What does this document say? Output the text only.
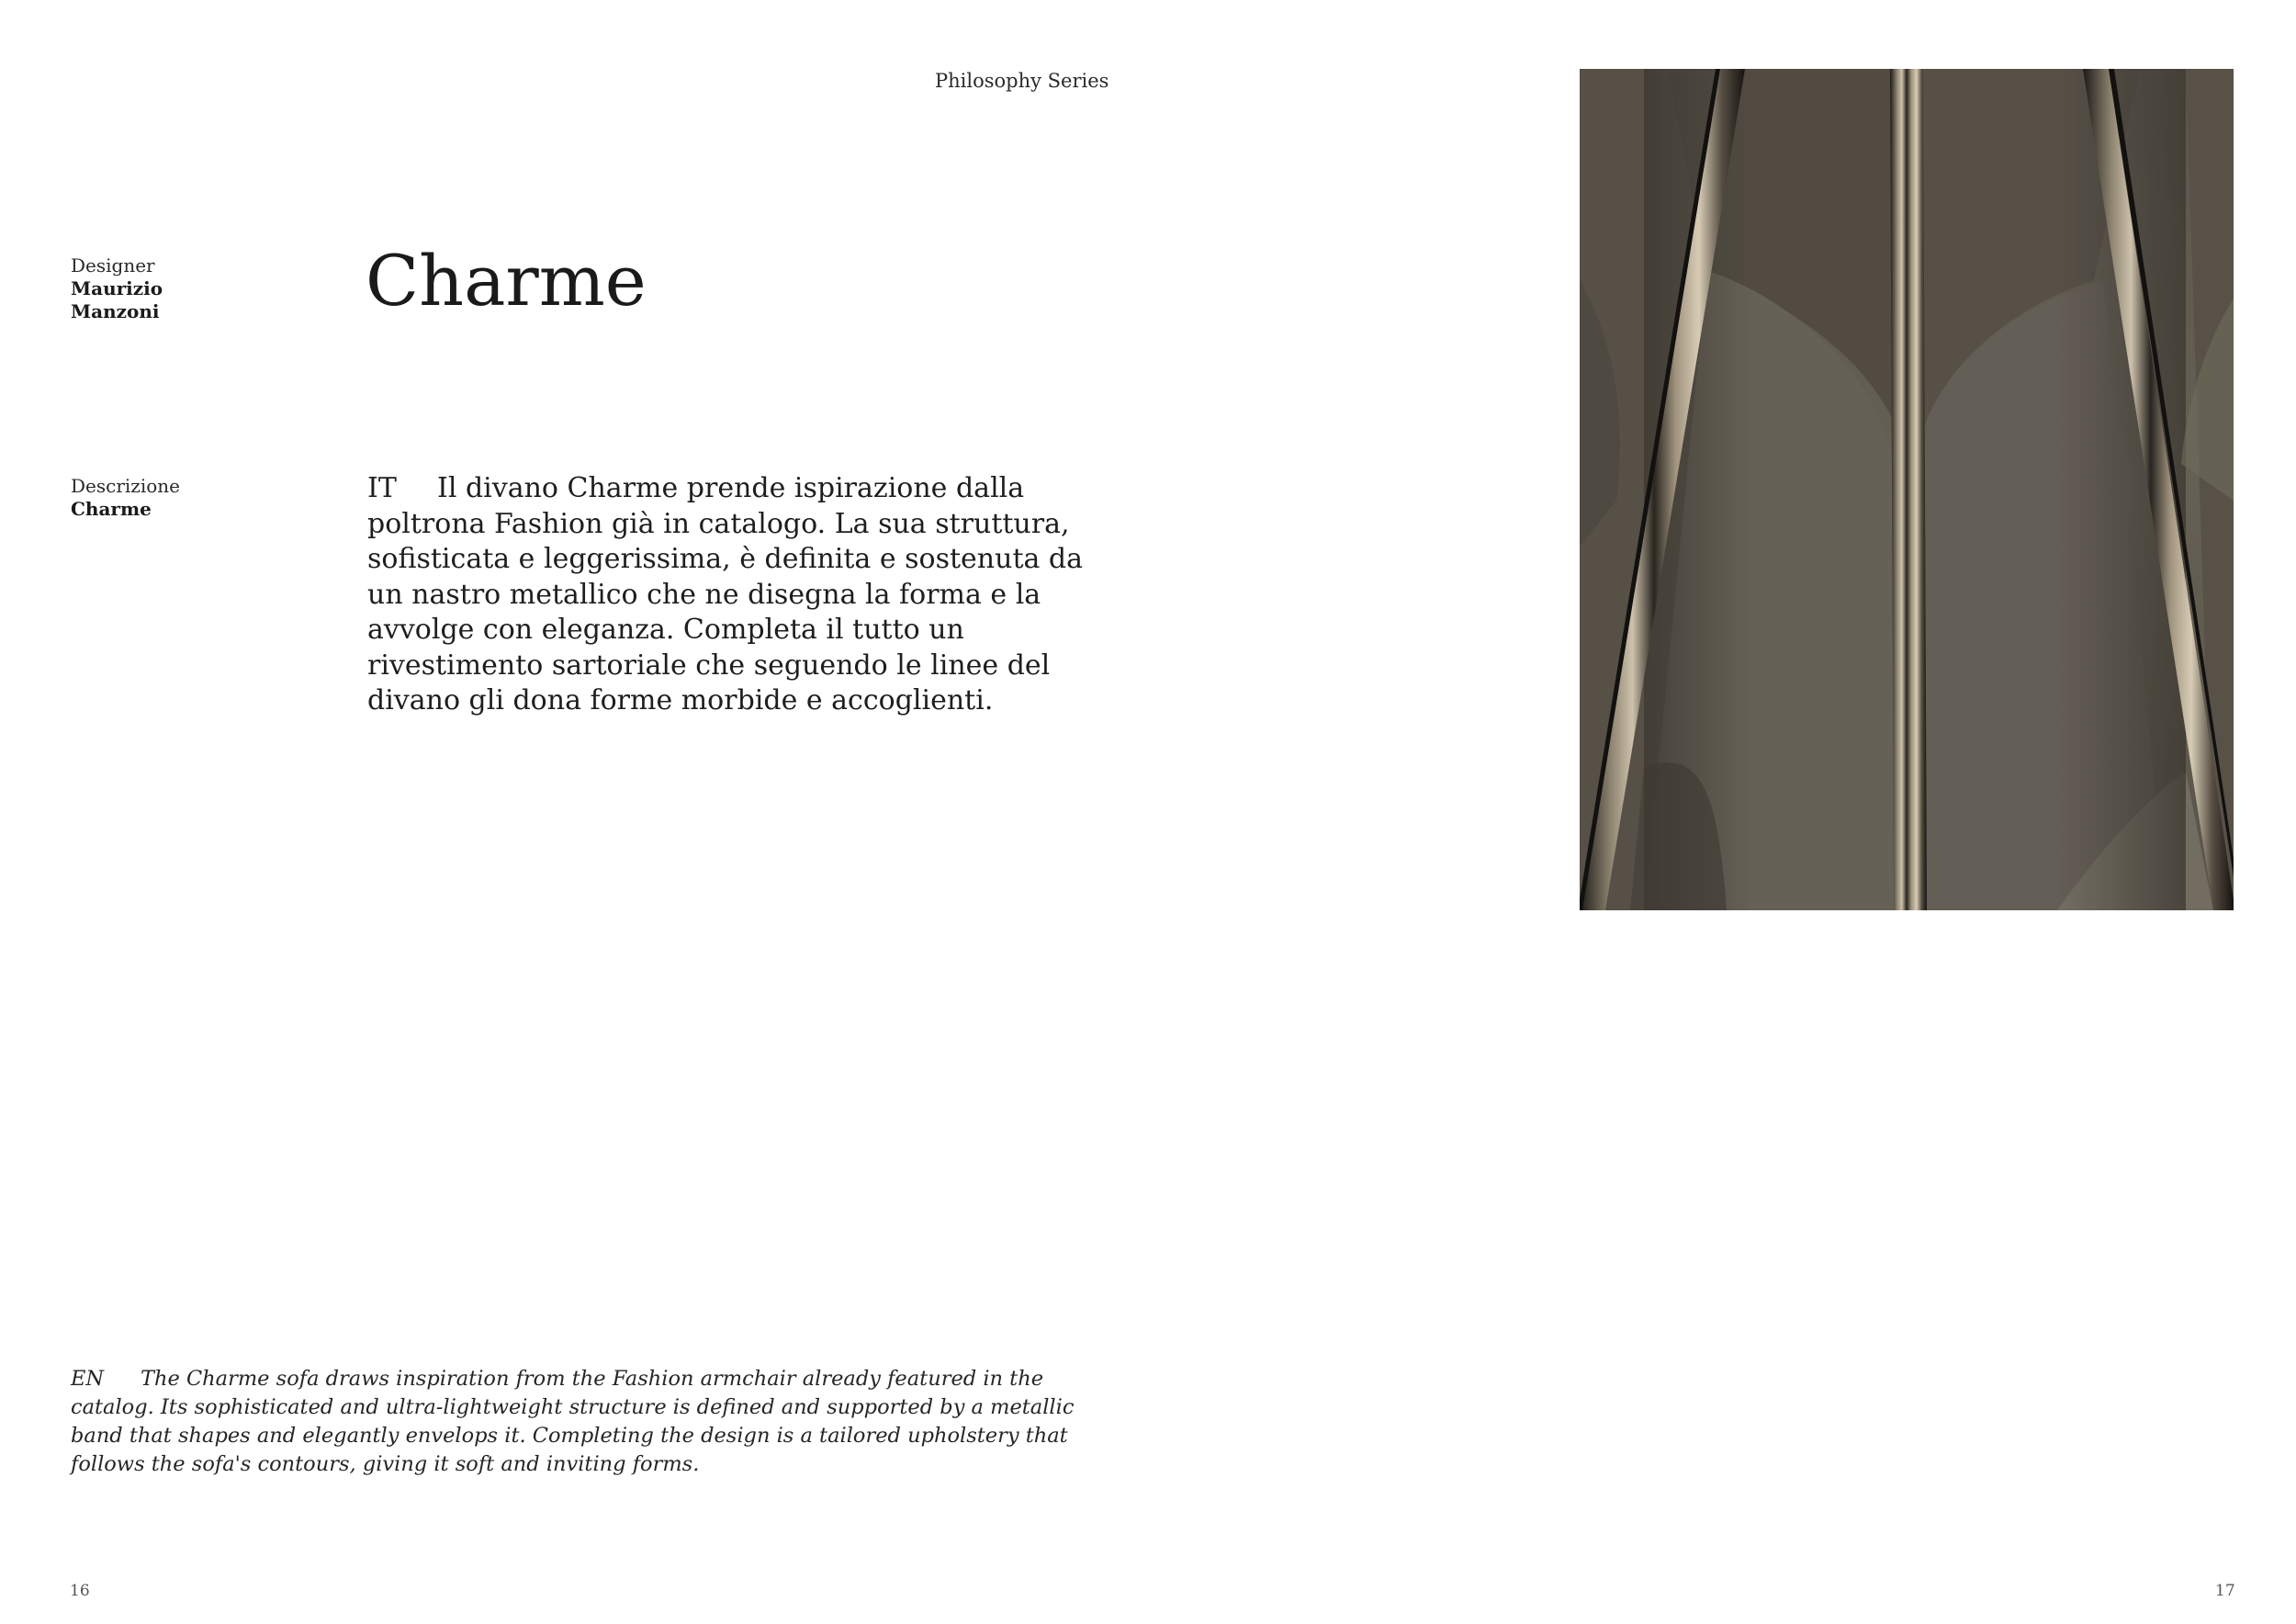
Philosophy Series
Designer
Maurizio
Manzoni	Charme
Descrizione
Charme
IT Il divano Charme prende ispirazione dalla poltrona Fashion già in catalogo. La sua struttura, sofisticata e leggerissima, è definita e sostenuta da un nastro metallico che ne disegna la forma e la avvolge con eleganza. Completa il tutto un rivestimento sartoriale che seguendo le linee del divano gli dona forme morbide e accoglienti.
EN The Charme sofa draws inspiration from the Fashion armchair already featured in the catalog. Its sophisticated and ultra-lightweight structure is defined and supported by a metallic band that shapes and elegantly envelops it. Completing the design is a tailored upholstery that follows the sofa's contours, giving it soft and inviting forms.
16	17
